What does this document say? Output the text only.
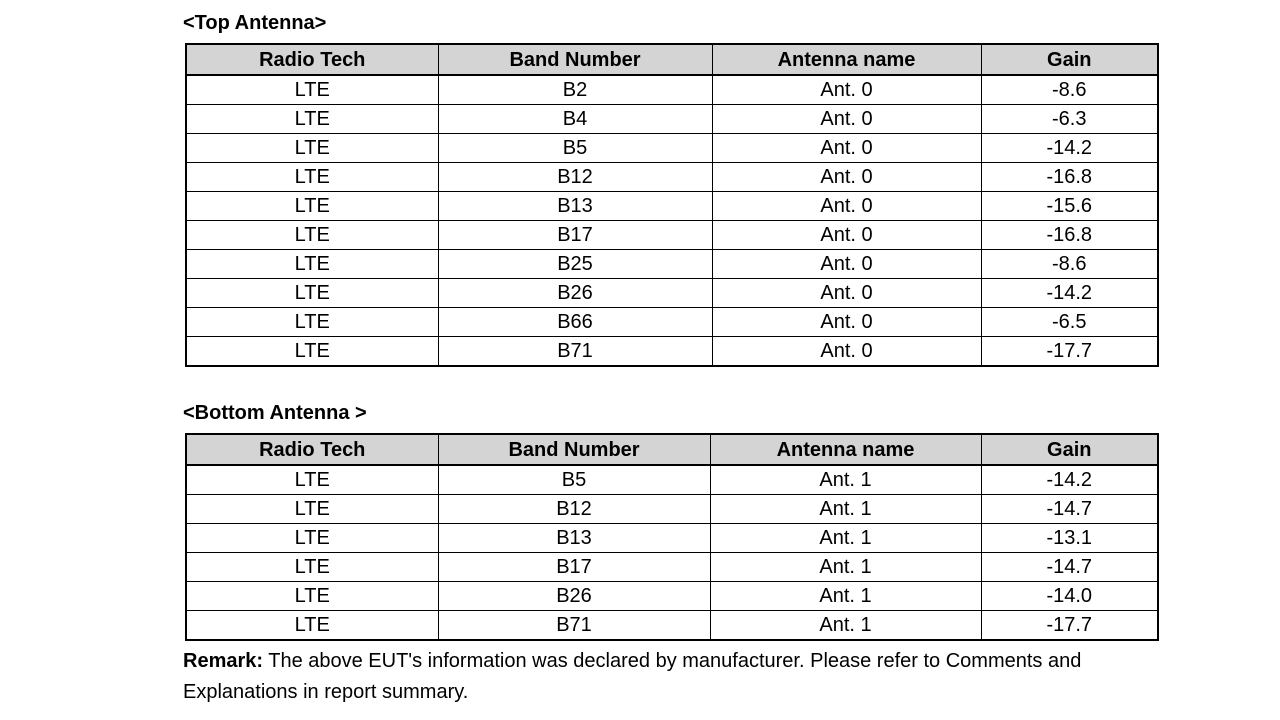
<Top Antenna>
Radio Tech	Band Number	Antenna name	Gain
LTE	B2	Ant. 0	-8.6
LTE	B4	Ant. 0	-6.3
LTE	B5	Ant. 0	-14.2
LTE	B12	Ant. 0	-16.8
LTE	B13	Ant. 0	-15.6
LTE	B17	Ant. 0	-16.8
LTE	B25	Ant. 0	-8.6
LTE	B26	Ant. 0	-14.2
LTE	B66	Ant. 0	-6.5
LTE	B71	Ant. 0	-17.7
<Bottom Antenna >
Radio Tech	Band Number	Antenna name	Gain
LTE	B5	Ant. 1	-14.2
LTE	B12	Ant. 1	-14.7
LTE	B13	Ant. 1	-13.1
LTE	B17	Ant. 1	-14.7
LTE	B26	Ant. 1	-14.0
LTE	B71	Ant. 1	-17.7

Remark: The above EUT's information was declared by manufacturer. Please refer to Comments and Explanations in report summary.
